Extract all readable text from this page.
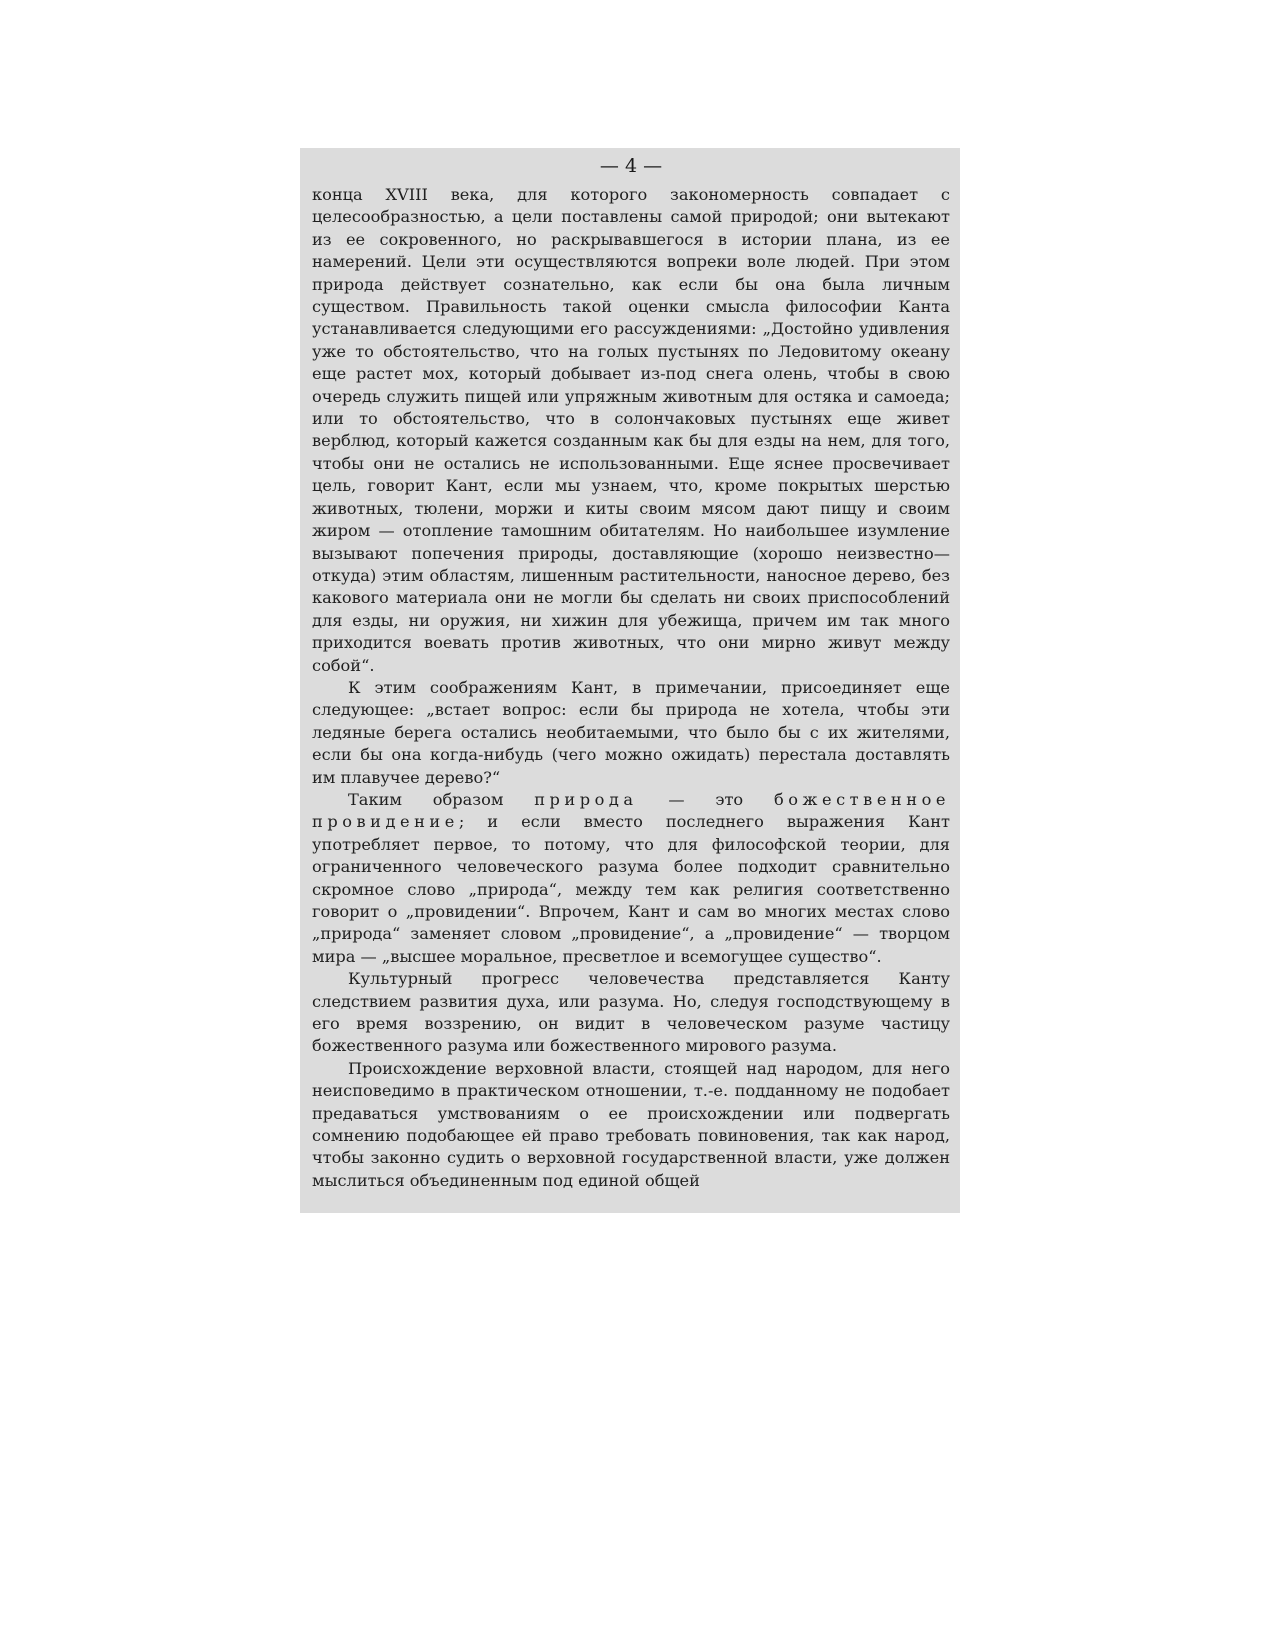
— 4 —

конца XVIII века, для которого закономерность совпадает с целесообразностью, а цели поставлены самой природой; они вытекают из ее сокровенного, но раскрывавшегося в истории плана, из ее намерений. Цели эти осуществляются вопреки воле людей. При этом природа действует сознательно, как если бы она была личным существом. Правильность такой оценки смысла философии Канта устанавливается следующими его рассуждениями: „Достойно удивления уже то обстоятельство, что на голых пустынях по Ледовитому океану еще растет мох, который добывает из-под снега олень, чтобы в свою очередь служить пищей или упряжным животным для остяка и самоеда; или то обстоятельство, что в солончаковых пустынях еще живет верблюд, который кажется созданным как бы для езды на нем, для того, чтобы они не остались не использованными. Еще яснее просвечивает цель, говорит Кант, если мы узнаем, что, кроме покрытых шерстью животных, тюлени, моржи и киты своим мясом дают пищу и своим жиром — отопление тамошним обитателям. Но наибольшее изумление вызывают попечения природы, доставляющие (хорошо неизвестно—откуда) этим областям, лишенным растительности, наносное дерево, без какового материала они не могли бы сделать ни своих приспособлений для езды, ни оружия, ни хижин для убежища, причем им так много приходится воевать против животных, что они мирно живут между собой“.

К этим соображениям Кант, в примечании, присоединяет еще следующее: „встает вопрос: если бы природа не хотела, чтобы эти ледяные берега остались необитаемыми, что было бы с их жителями, если бы она когда-нибудь (чего можно ожидать) перестала доставлять им плавучее дерево?“

Таким образом природа — это божественное провидение; и если вместо последнего выражения Кант употребляет первое, то потому, что для философской теории, для ограниченного человеческого разума более подходит сравнительно скромное слово „природа“, между тем как религия соответственно говорит о „провидении“. Впрочем, Кант и сам во многих местах слово „природа“ заменяет словом „провидение“, а „провидение“ — творцом мира — „высшее моральное, пресветлое и всемогущее существо“.

Культурный прогресс человечества представляется Канту следствием развития духа, или разума. Но, следуя господствующему в его время воззрению, он видит в человеческом разуме частицу божественного разума или божественного мирового разума.

Происхождение верховной власти, стоящей над народом, для него неисповедимо в практическом отношении, т.-е. подданному не подобает предаваться умствованиям о ее происхождении или подвергать сомнению подобающее ей право требовать повиновения, так как народ, чтобы законно судить о верховной государственной власти, уже должен мыслиться объединенным под единой общей
